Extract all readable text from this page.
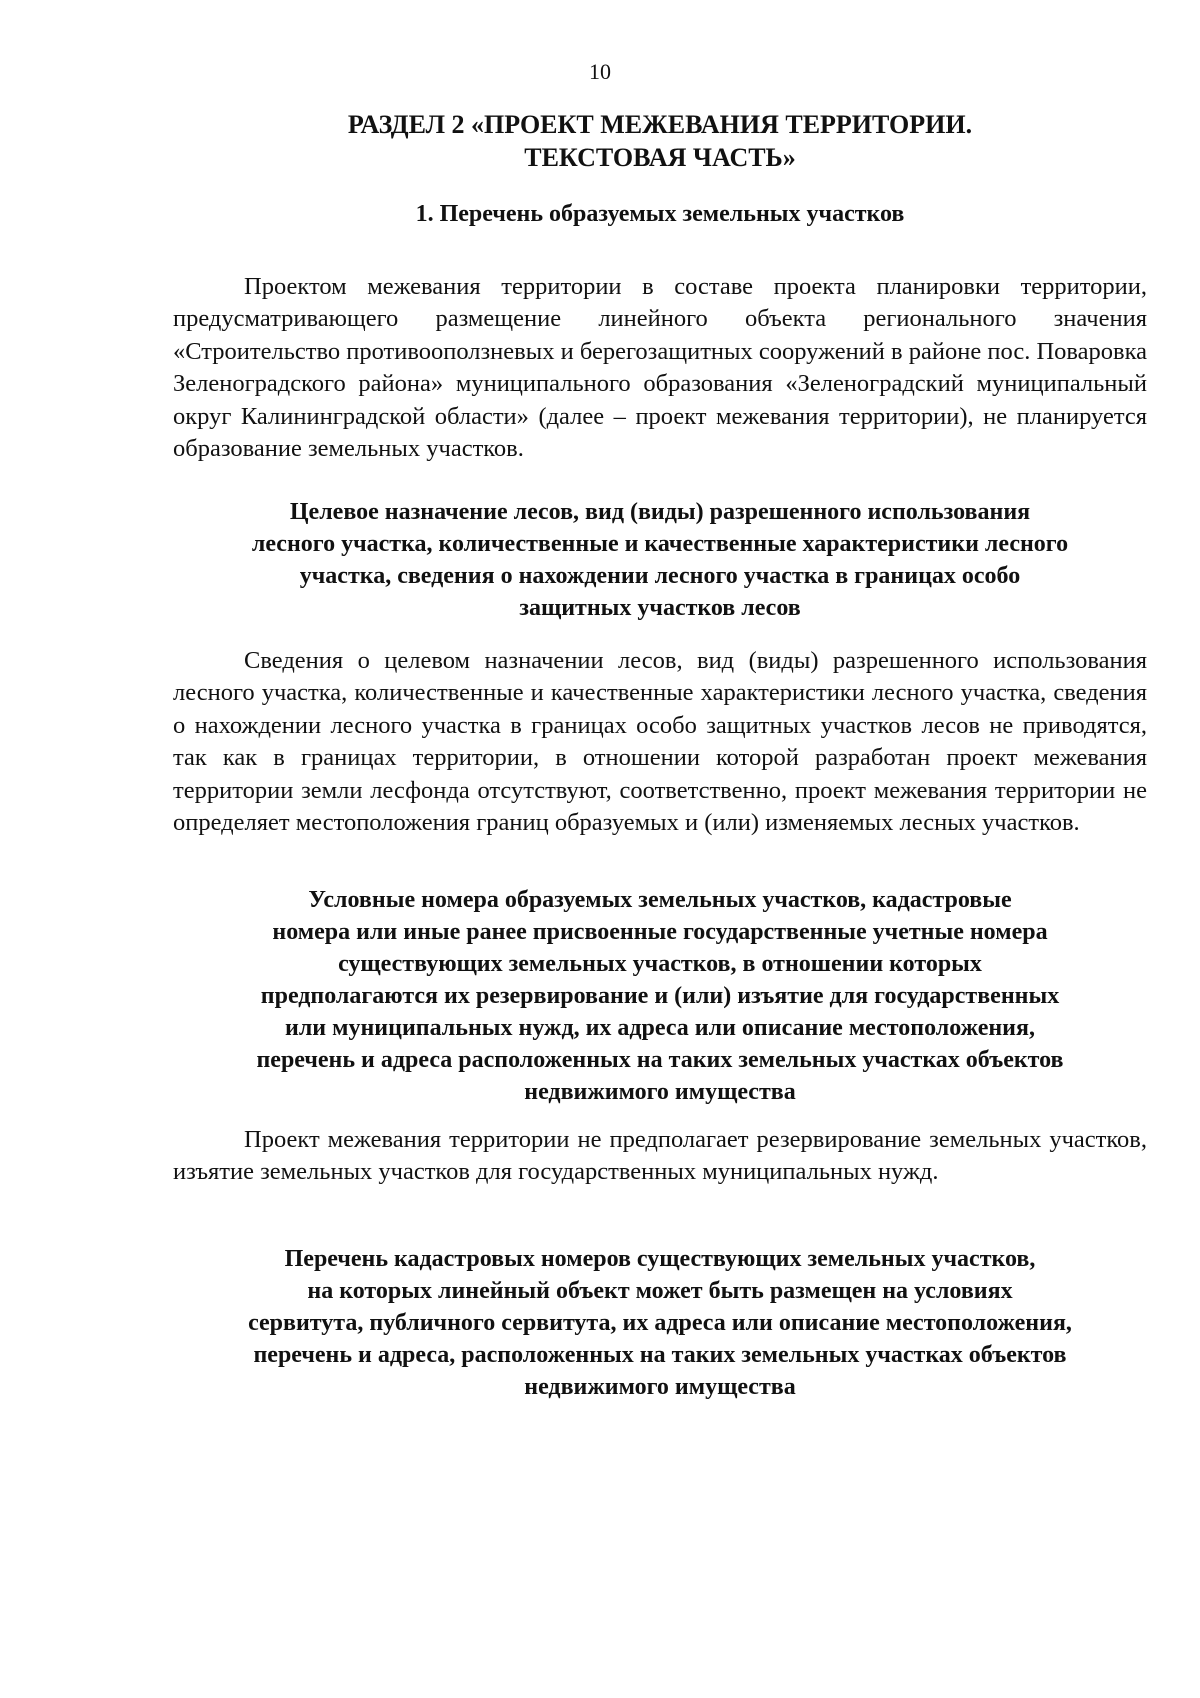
10
РАЗДЕЛ 2 «ПРОЕКТ МЕЖЕВАНИЯ ТЕРРИТОРИИ.
ТЕКСТОВАЯ ЧАСТЬ»
1. Перечень образуемых земельных участков
Проектом межевания территории в составе проекта планировки территории, предусматривающего размещение линейного объекта регионального значения «Строительство противооползневых и берегозащитных сооружений в районе пос. Поваровка Зеленоградского района» муниципального образования «Зеленоградский муниципальный округ Калининградской области» (далее – проект межевания территории), не планируется образование земельных участков.
Целевое назначение лесов, вид (виды) разрешенного использования
лесного участка, количественные и качественные характеристики лесного
участка, сведения о нахождении лесного участка в границах особо
защитных участков лесов
Сведения о целевом назначении лесов, вид (виды) разрешенного использования лесного участка, количественные и качественные характеристики лесного участка, сведения о нахождении лесного участка в границах особо защитных участков лесов не приводятся, так как в границах территории, в отношении которой разработан проект межевания территории земли лесфонда отсутствуют, соответственно, проект межевания территории не определяет местоположения границ образуемых и (или) изменяемых лесных участков.
Условные номера образуемых земельных участков, кадастровые
номера или иные ранее присвоенные государственные учетные номера
существующих земельных участков, в отношении которых
предполагаются их резервирование и (или) изъятие для государственных
или муниципальных нужд, их адреса или описание местоположения,
перечень и адреса расположенных на таких земельных участках объектов
недвижимого имущества
Проект межевания территории не предполагает резервирование земельных участков, изъятие земельных участков для государственных муниципальных нужд.
Перечень кадастровых номеров существующих земельных участков,
на которых линейный объект может быть размещен на условиях
сервитута, публичного сервитута, их адреса или описание местоположения,
перечень и адреса, расположенных на таких земельных участках объектов
недвижимого имущества
